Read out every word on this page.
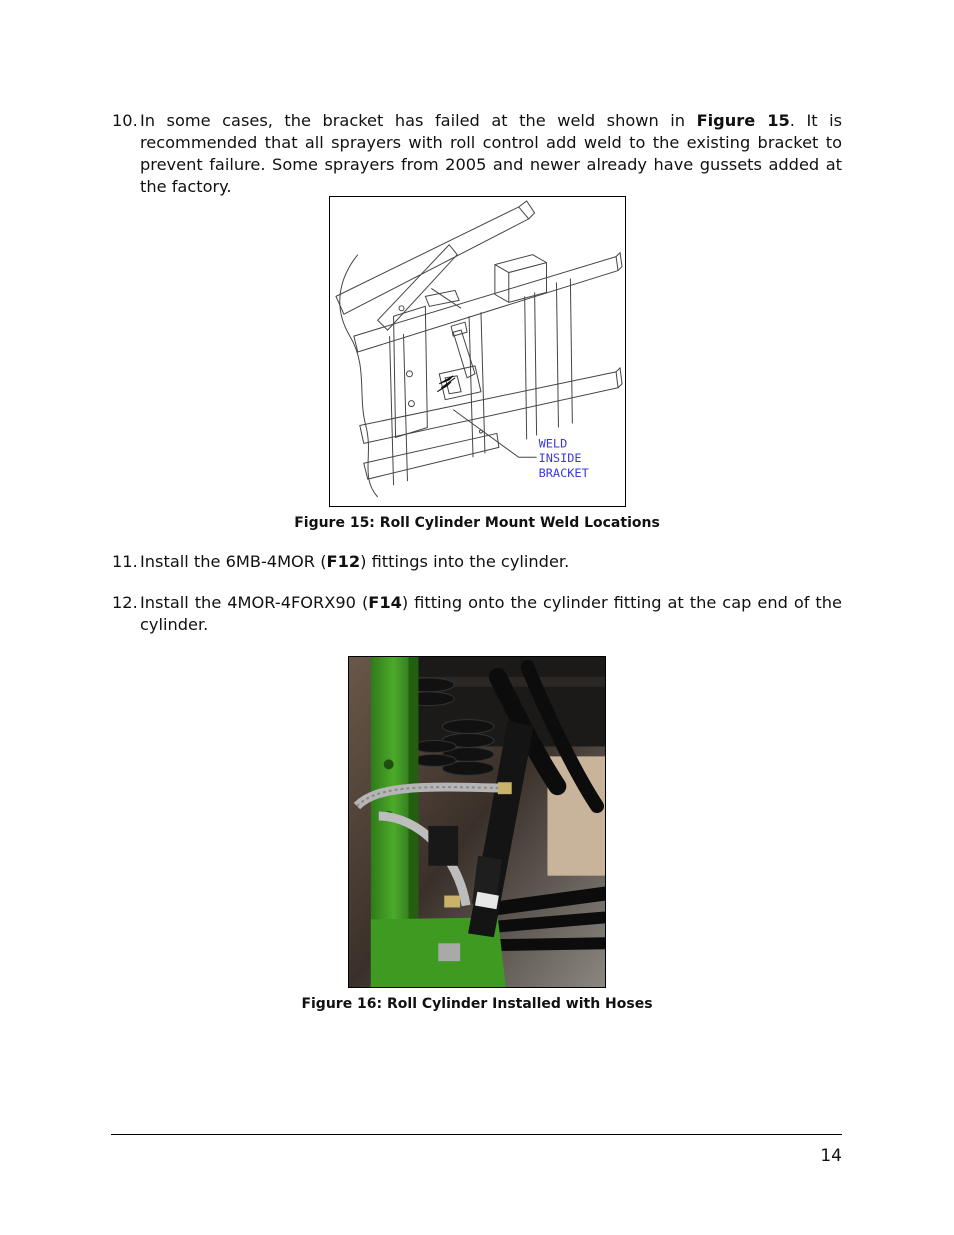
10. In some cases, the bracket has failed at the weld shown in Figure 15. It is recommended that all sprayers with roll control add weld to the existing bracket to prevent failure. Some sprayers from 2005 and newer already have gussets added at the factory.
WELD
INSIDE
BRACKET
Figure 15: Roll Cylinder Mount Weld Locations
11. Install the 6MB-4MOR (F12) fittings into the cylinder.
12. Install the 4MOR-4FORX90 (F14) fitting onto the cylinder fitting at the cap end of the cylinder.
Figure 16: Roll Cylinder Installed with Hoses
14
